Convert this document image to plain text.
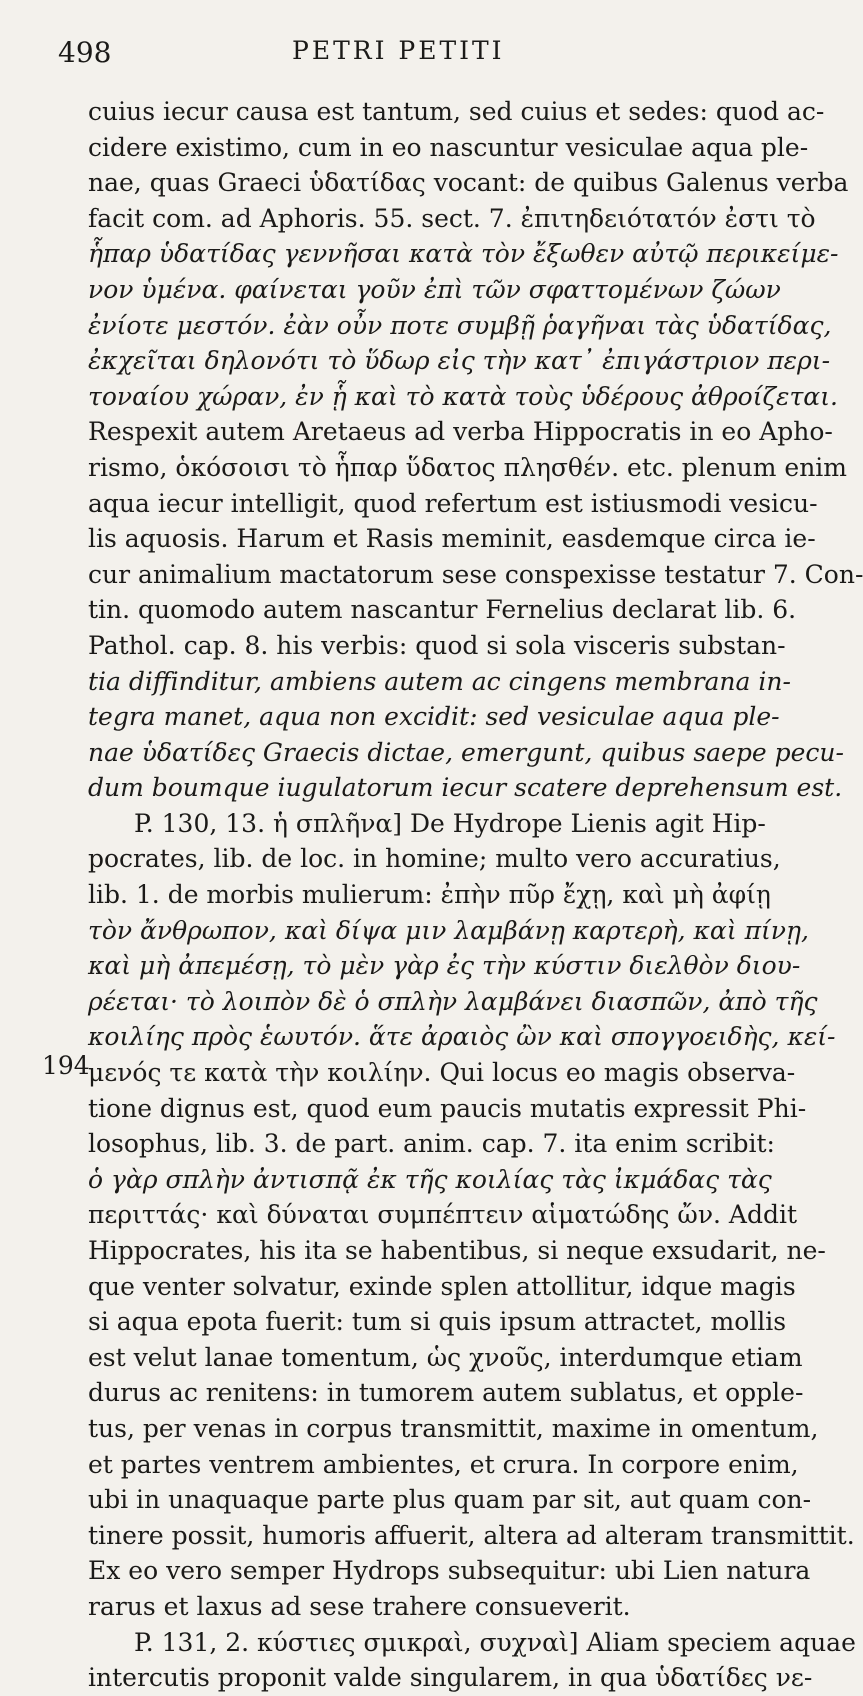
498	PETRI PETITI
194
cuius iecur causa est tantum, sed cuius et sedes: quod ac-
cidere existimo, cum in eo nascuntur vesiculae aqua ple-
nae, quas Graeci ὑδατίδας vocant: de quibus Galenus verba
facit com. ad Aphoris. 55. sect. 7. ἐπιτηδειότατόν ἐστι τὸ
ἧπαρ ὑδατίδας γεννῆσαι κατὰ τὸν ἔξωθεν αὐτῷ περικείμε-
νον ὑμένα. φαίνεται γοῦν ἐπὶ τῶν σφαττομένων ζώων
ἐνίοτε μεστόν. ἐὰν οὖν ποτε συμβῇ ῥαγῆναι τὰς ὑδατίδας,
ἐκχεῖται δηλονότι τὸ ὕδωρ εἰς τὴν κατ᾽ ἐπιγάστριον περι-
τοναίου χώραν, ἐν ᾗ καὶ τὸ κατὰ τοὺς ὑδέρους ἀθροίζεται.
Respexit autem Aretaeus ad verba Hippocratis in eo Apho-
rismo, ὁκόσοισι τὸ ἧπαρ ὕδατος πλησθέν. etc. plenum enim
aqua iecur intelligit, quod refertum est istiusmodi vesicu-
lis aquosis. Harum et Rasis meminit, easdemque circa ie-
cur animalium mactatorum sese conspexisse testatur 7. Con-
tin. quomodo autem nascantur Fernelius declarat lib. 6.
Pathol. cap. 8. his verbis: quod si sola visceris substan-
tia diffinditur, ambiens autem ac cingens membrana in-
tegra manet, aqua non excidit: sed vesiculae aqua ple-
nae ὑδατίδες Graecis dictae, emergunt, quibus saepe pecu-
dum boumque iugulatorum iecur scatere deprehensum est.
P. 130, 13. ἡ σπλῆνα] De Hydrope Lienis agit Hip-
pocrates, lib. de loc. in homine; multo vero accuratius,
lib. 1. de morbis mulierum: ἐπὴν πῦρ ἔχῃ, καὶ μὴ ἀφίῃ
τὸν ἄνθρωπον, καὶ δίψα μιν λαμβάνῃ καρτερὴ, καὶ πίνῃ,
καὶ μὴ ἀπεμέσῃ, τὸ μὲν γὰρ ἐς τὴν κύστιν διελθὸν διου-
ρέεται· τὸ λοιπὸν δὲ ὁ σπλὴν λαμβάνει διασπῶν, ἀπὸ τῆς
κοιλίης πρὸς ἑωυτόν. ἅτε ἀραιὸς ὢν καὶ σπογγοειδὴς, κεί-
μενός τε κατὰ τὴν κοιλίην. Qui locus eo magis observa-
tione dignus est, quod eum paucis mutatis expressit Phi-
losophus, lib. 3. de part. anim. cap. 7. ita enim scribit:
ὁ γὰρ σπλὴν ἀντισπᾷ ἐκ τῆς κοιλίας τὰς ἰκμάδας τὰς
περιττάς· καὶ δύναται συμπέπτειν αἱματώδης ὤν. Addit
Hippocrates, his ita se habentibus, si neque exsudarit, ne-
que venter solvatur, exinde splen attollitur, idque magis
si aqua epota fuerit: tum si quis ipsum attractet, mollis
est velut lanae tomentum, ὡς χνοῦς, interdumque etiam
durus ac renitens: in tumorem autem sublatus, et opple-
tus, per venas in corpus transmittit, maxime in omentum,
et partes ventrem ambientes, et crura. In corpore enim,
ubi in unaquaque parte plus quam par sit, aut quam con-
tinere possit, humoris affuerit, altera ad alteram transmittit.
Ex eo vero semper Hydrops subsequitur: ubi Lien natura
rarus et laxus ad sese trahere consueverit.
P. 131, 2. κύστιες σμικραὶ, συχναὶ] Aliam speciem aquae
intercutis proponit valde singularem, in qua ὑδατίδες νε-
